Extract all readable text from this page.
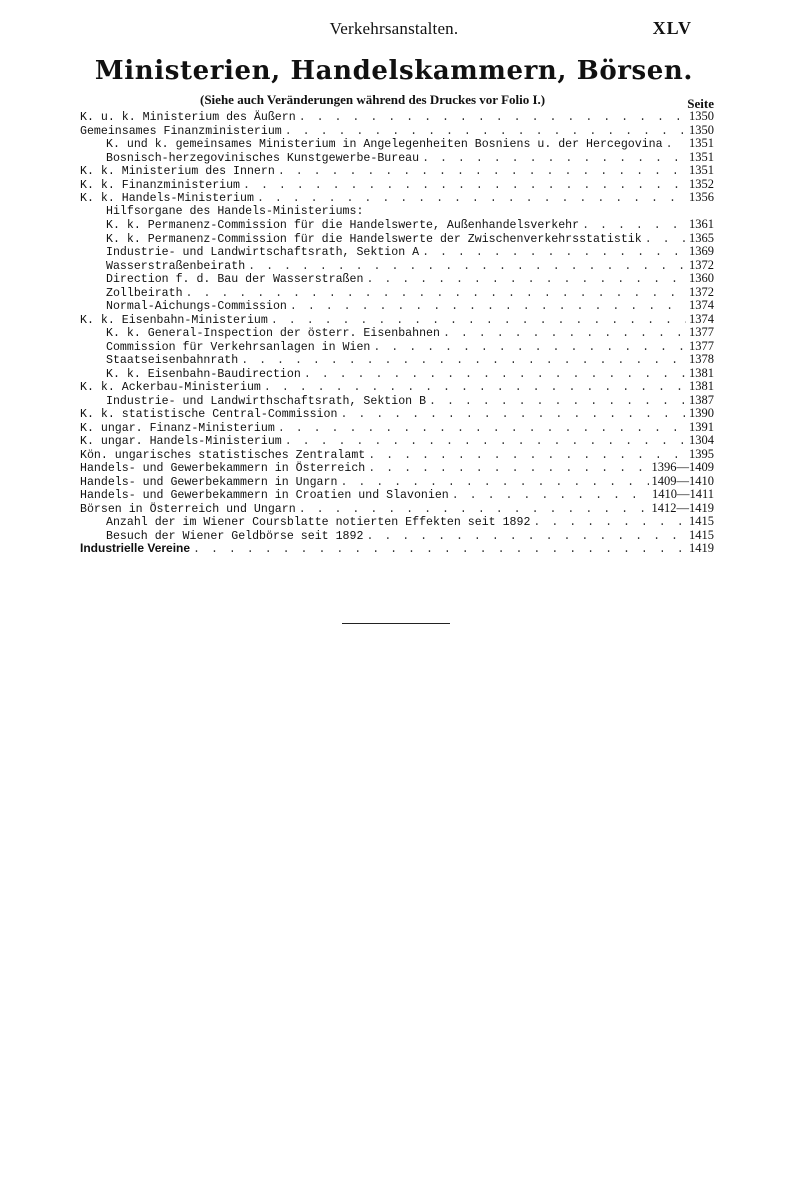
Verkehrsanstalten.	XLV
Ministerien, Handelskammern, Börsen.
(Siehe auch Veränderungen während des Druckes vor Folio I.)	Seite
K. u. k. Ministerium des Äußern . . .	1350
Gemeinsames Finanzministerium . . .	1350
K. und k. gemeinsames Ministerium in Angelegenheiten Bosniens u. der Hercegovina . . . 1351
Bosnisch-herzegovinisches Kunstgewerbe-Bureau . . .	1351
K. k. Ministerium des Innern . . .	1351
K. k. Finanzministerium . . .	1352
K. k. Handels-Ministerium . . .	1356
Hilfsorgane des Handels-Ministeriums:
K. k. Permanenz-Commission für die Handelswerte, Außenhandelsverkehr . . .	1361
K. k. Permanenz-Commission für die Handelswerte der Zwischenverkehrsstatistik . . .	1365
Industrie- und Landwirtschaftsrath, Sektion A . . .	1369
Wasserstraßenbeirath . . .	1372
Direction f. d. Bau der Wasserstraßen . . .	1360
Zollbeirath . . .	1372
Normal-Aichungs-Commission . . .	1374
K. k. Eisenbahn-Ministerium . . .	1374
K. k. General-Inspection der österr. Eisenbahnen . . .	1377
Commission für Verkehrsanlagen in Wien . . .	1377
Staatseisenbahnrath . . .	1378
K. k. Eisenbahn-Baudirection . . .	1381
K. k. Ackerbau-Ministerium . . .	1381
Industrie- und Landwirthschaftsrath, Sektion B . . .	1387
K. k. statistische Central-Commission . . .	1390
K. ungar. Finanz-Ministerium . . .	1391
K. ungar. Handels-Ministerium . . .	1304
Kön. ungarisches statistisches Zentralamt . . .	1395
Handels- und Gewerbekammern in Österreich . . .	1396—1409
Handels- und Gewerbekammern in Ungarn . . .	1409—1410
Handels- und Gewerbekammern in Croatien und Slavonien . . .	1410—1411
Börsen in Österreich und Ungarn . . .	1412—1419
Anzahl der im Wiener Coursblatte notierten Effekten seit 1892 . . .	1415
Besuch der Wiener Geldbörse seit 1892 . . .	1415
Industrielle Vereine . . .	1419
